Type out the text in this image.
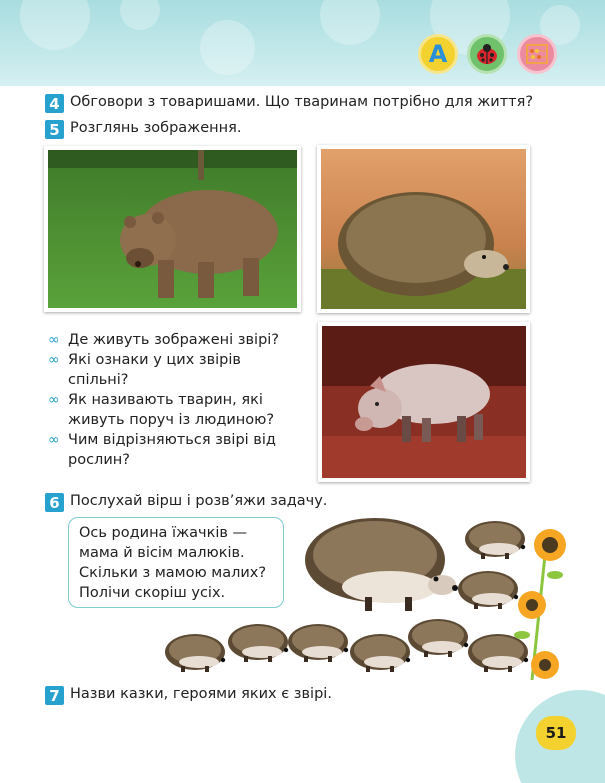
A
4 Обговори з товаришами. Що тваринам потрібно для життя?
5 Розглянь зображення.
∞ Де живуть зображені звірі?
∞ Які ознаки у цих звірів спільні?
∞ Як називають тварин, які живуть поруч із людиною?
∞ Чим відрізняються звірі від рослин?
6 Послухай вірш і розв’яжи задачу.
Ось родина їжачків —
мама й вісім малюків.
Скільки з мамою малих?
Полічи скоріш усіх.
7 Назви казки, героями яких є звірі.
51
